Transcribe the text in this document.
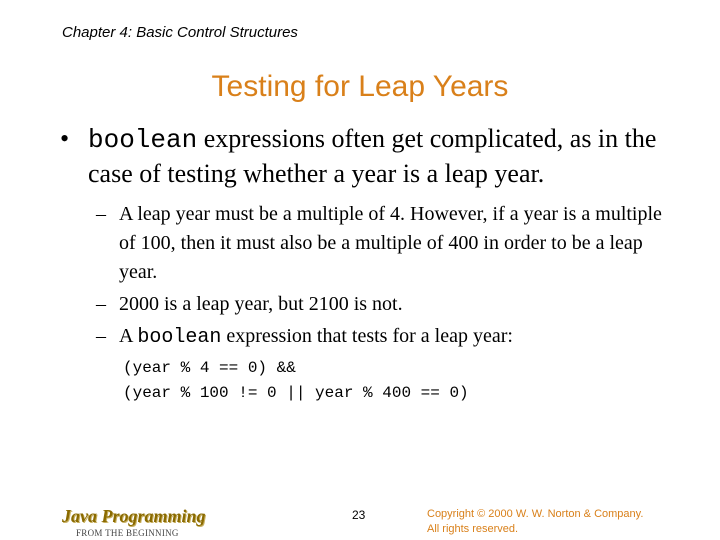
Chapter 4: Basic Control Structures
Testing for Leap Years
• boolean expressions often get complicated, as in the case of testing whether a year is a leap year.
– A leap year must be a multiple of 4. However, if a year is a multiple of 100, then it must also be a multiple of 400 in order to be a leap year.
– 2000 is a leap year, but 2100 is not.
– A boolean expression that tests for a leap year:
(year % 4 == 0) &&
(year % 100 != 0 || year % 400 == 0)
Java Programming
FROM THE BEGINNING
23	Copyright © 2000 W. W. Norton & Company.
All rights reserved.
